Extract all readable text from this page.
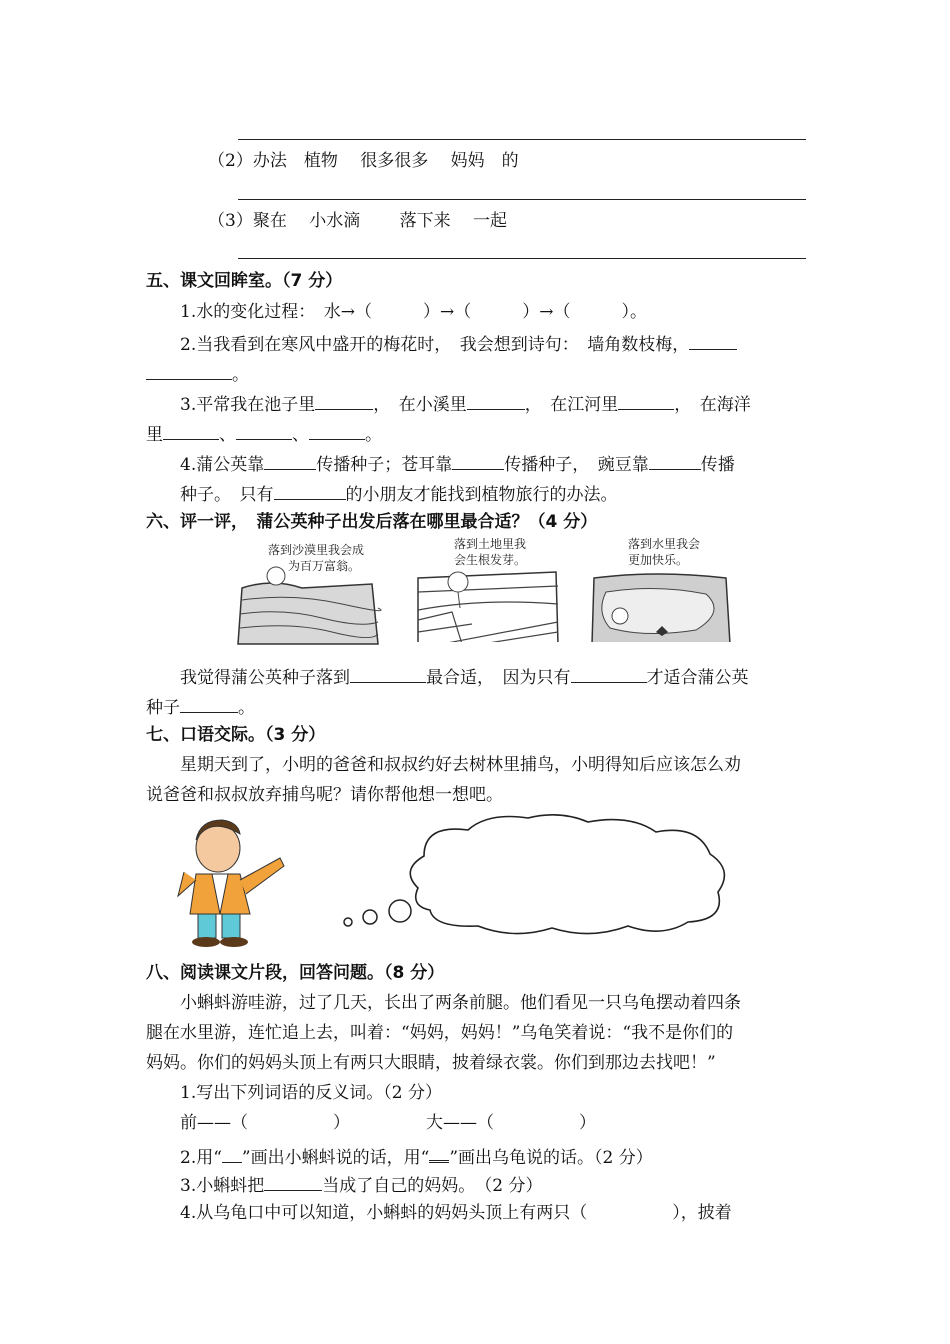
（2）办法　植物　 很多很多　 妈妈　的
（3）聚在　 小水滴　　 落下来　 一起
五、课文回眸室。（7 分）
1.水的变化过程：　水→（　　　）→（　　　）→（　　　）。
2.当我看到在寒风中盛开的梅花时，　我会想到诗句：　墙角数枝梅，
。
3.平常我在池子里	，　在小溪里	，　在江河里	，　在海洋
里	、	、	。
4.蒲公英靠	传播种子；苍耳靠	传播种子，　豌豆靠	传播
种子。　只有	的小朋友才能找到植物旅行的办法。
六、评一评，　蒲公英种子出发后落在哪里最合适？（4 分）
落到沙漠里我会成
为百万富翁。
落到土地里我
会生根发芽。
落到水里我会
更加快乐。
我觉得蒲公英种子落到	最合适，　因为只有	才适合蒲公英
种子	。
七、口语交际。（3 分）
星期天到了，小明的爸爸和叔叔约好去树林里捕鸟，小明得知后应该怎么劝
说爸爸和叔叔放弃捕鸟呢？请你帮他想一想吧。
八、阅读课文片段，回答问题。（8 分）
小蝌蚪游哇游，过了几天，长出了两条前腿。他们看见一只乌龟摆动着四条
腿在水里游，连忙追上去，叫着：“妈妈，妈妈！”乌龟笑着说：“我不是你们的
妈妈。你们的妈妈头顶上有两只大眼睛，披着绿衣裳。你们到那边去找吧！”
1.写出下列词语的反义词。（2 分）
前——（　　　　　）	大——（　　　　　）
2.用“ ”画出小蝌蚪说的话，用“ ”画出乌龟说的话。（2 分）
3.小蝌蚪把	当成了自己的妈妈。　（2 分）
4.从乌龟口中可以知道，小蝌蚪的妈妈头顶上有两只（　　　　　），披着
